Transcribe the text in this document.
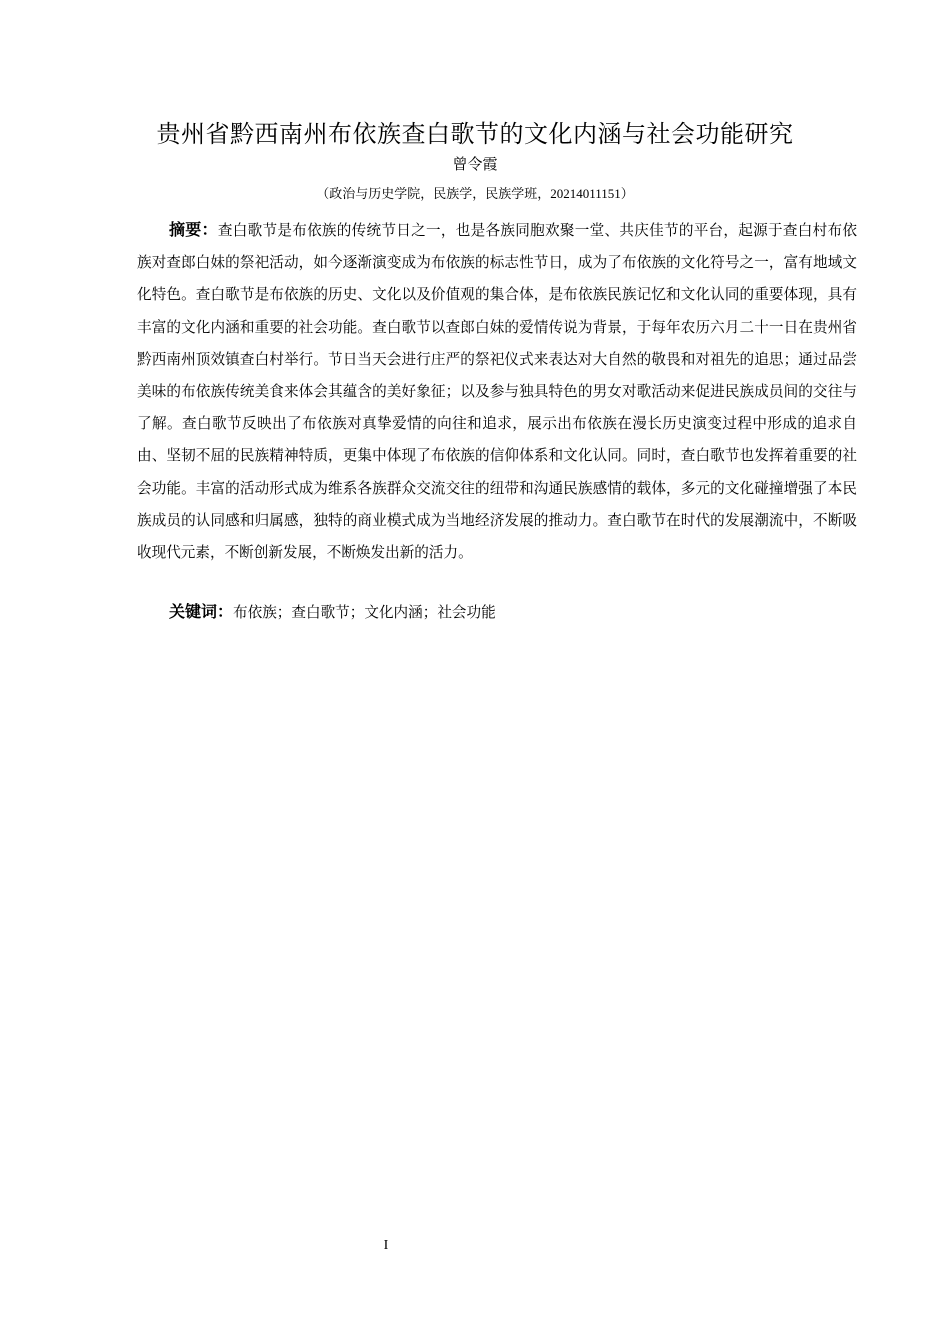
贵州省黔西南州布依族查白歌节的文化内涵与社会功能研究
曾令霞
（政治与历史学院，民族学，民族学班，20214011151）

摘要：查白歌节是布依族的传统节日之一，也是各族同胞欢聚一堂、共庆佳节的平台，起源于查白村布依族对查郎白妹的祭祀活动，如今逐渐演变成为布依族的标志性节日，成为了布依族的文化符号之一，富有地域文化特色。查白歌节是布依族的历史、文化以及价值观的集合体，是布依族民族记忆和文化认同的重要体现，具有丰富的文化内涵和重要的社会功能。查白歌节以查郎白妹的爱情传说为背景，于每年农历六月二十一日在贵州省黔西南州顶效镇查白村举行。节日当天会进行庄严的祭祀仪式来表达对大自然的敬畏和对祖先的追思；通过品尝美味的布依族传统美食来体会其蕴含的美好象征；以及参与独具特色的男女对歌活动来促进民族成员间的交往与了解。查白歌节反映出了布依族对真挚爱情的向往和追求，展示出布依族在漫长历史演变过程中形成的追求自由、坚韧不屈的民族精神特质，更集中体现了布依族的信仰体系和文化认同。同时，查白歌节也发挥着重要的社会功能。丰富的活动形式成为维系各族群众交流交往的纽带和沟通民族感情的载体，多元的文化碰撞增强了本民族成员的认同感和归属感，独特的商业模式成为当地经济发展的推动力。查白歌节在时代的发展潮流中，不断吸收现代元素，不断创新发展，不断焕发出新的活力。

关键词：布依族；查白歌节；文化内涵；社会功能

I
